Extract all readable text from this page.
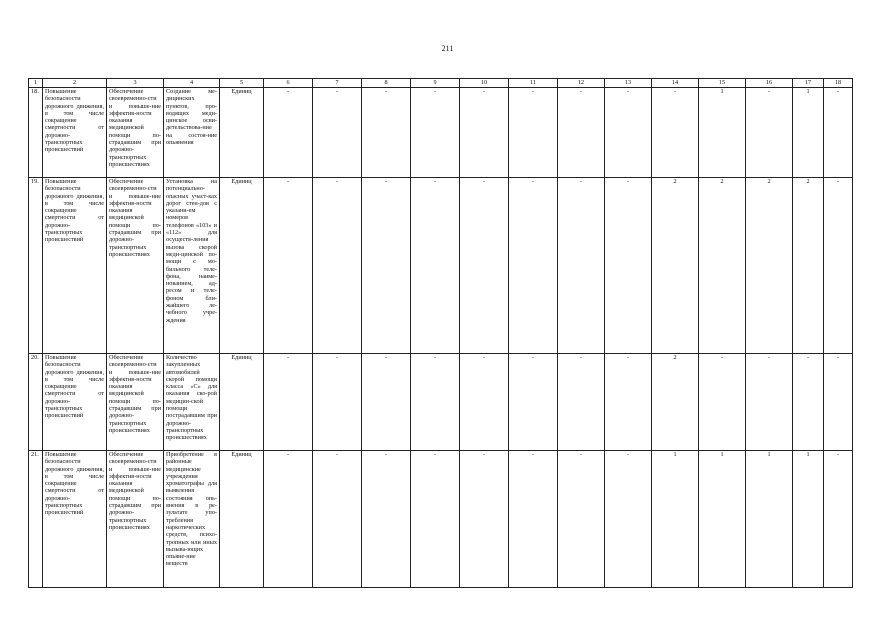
211
1	2	3	4	5	6	7	8	9	10	11	12	13	14	15	16	17	18

18.	Повышение безопасности дорожного движения, в том числе сокращение смертности от дорожно-транспортных происшествий	Обеспечение своевременно-сти и повыше-ние эффектив-ности оказания медицинской помощи по-страдавшим при дорожно-транспортных происшествиях	Создание ме-дицинских пунктов, про-водящих меди-цинское осви-детельствова-ние на состоя-ние опьянения	Единиц	-	-	-	-	-	-	-	-	-	1	-	1	-

19.	Повышение безопасности дорожного движения, в том числе сокращение смертности от дорожно-транспортных происшествий	Обеспечение своевременно-сти и повыше-ние эффектив-ности оказания медицинской помощи по-страдавшим при дорожно-транспортных происшествиях	Установка на потенциально-опасных участ-ках дорог стен-дов с указани-ем номеров телефонов «103» и «112» для осуществ-ления вызова скорой меди-цинской по-мощи с мо-бильного теле-фона, наиме-нованием, ад-ресом и теле-фоном бли-жайшего ле-чебного учре-ждения	Единиц	-	-	-	-	-	-	-	-	2	2	2	2	-

20.	Повышение безопасности дорожного движения, в том числе сокращение смертности от дорожно-транспортных происшествий	Обеспечение своевременно-сти и повыше-ние эффектив-ности оказания медицинской помощи по-страдавшим при дорожно-транспортных происшествиях	Количество закупленных автомобилей скорой помощи класса «С» для оказания ско-рой медицин-ской помощи пострадавшим при дорожно-транспортных происшествиях	Единиц	-	-	-	-	-	-	-	-	2	-	-	-	-

21.	Повышение безопасности дорожного движения, в том числе сокращение смертности от дорожно-транспортных происшествий	Обеспечение своевременно-сти и повыше-ние эффектив-ности оказания медицинской помощи по-страдавшим при дорожно-транспортных происшествиях	Приобретение в районные медицинские учреждения хроматографы для выявления состояния опь-янения в ре-зультате упо-требления наркотических средств, психо-тропных или иных вызыва-ющих опьяне-ние веществ	Единиц	-	-	-	-	-	-	-	-	1	1	1	1	-
